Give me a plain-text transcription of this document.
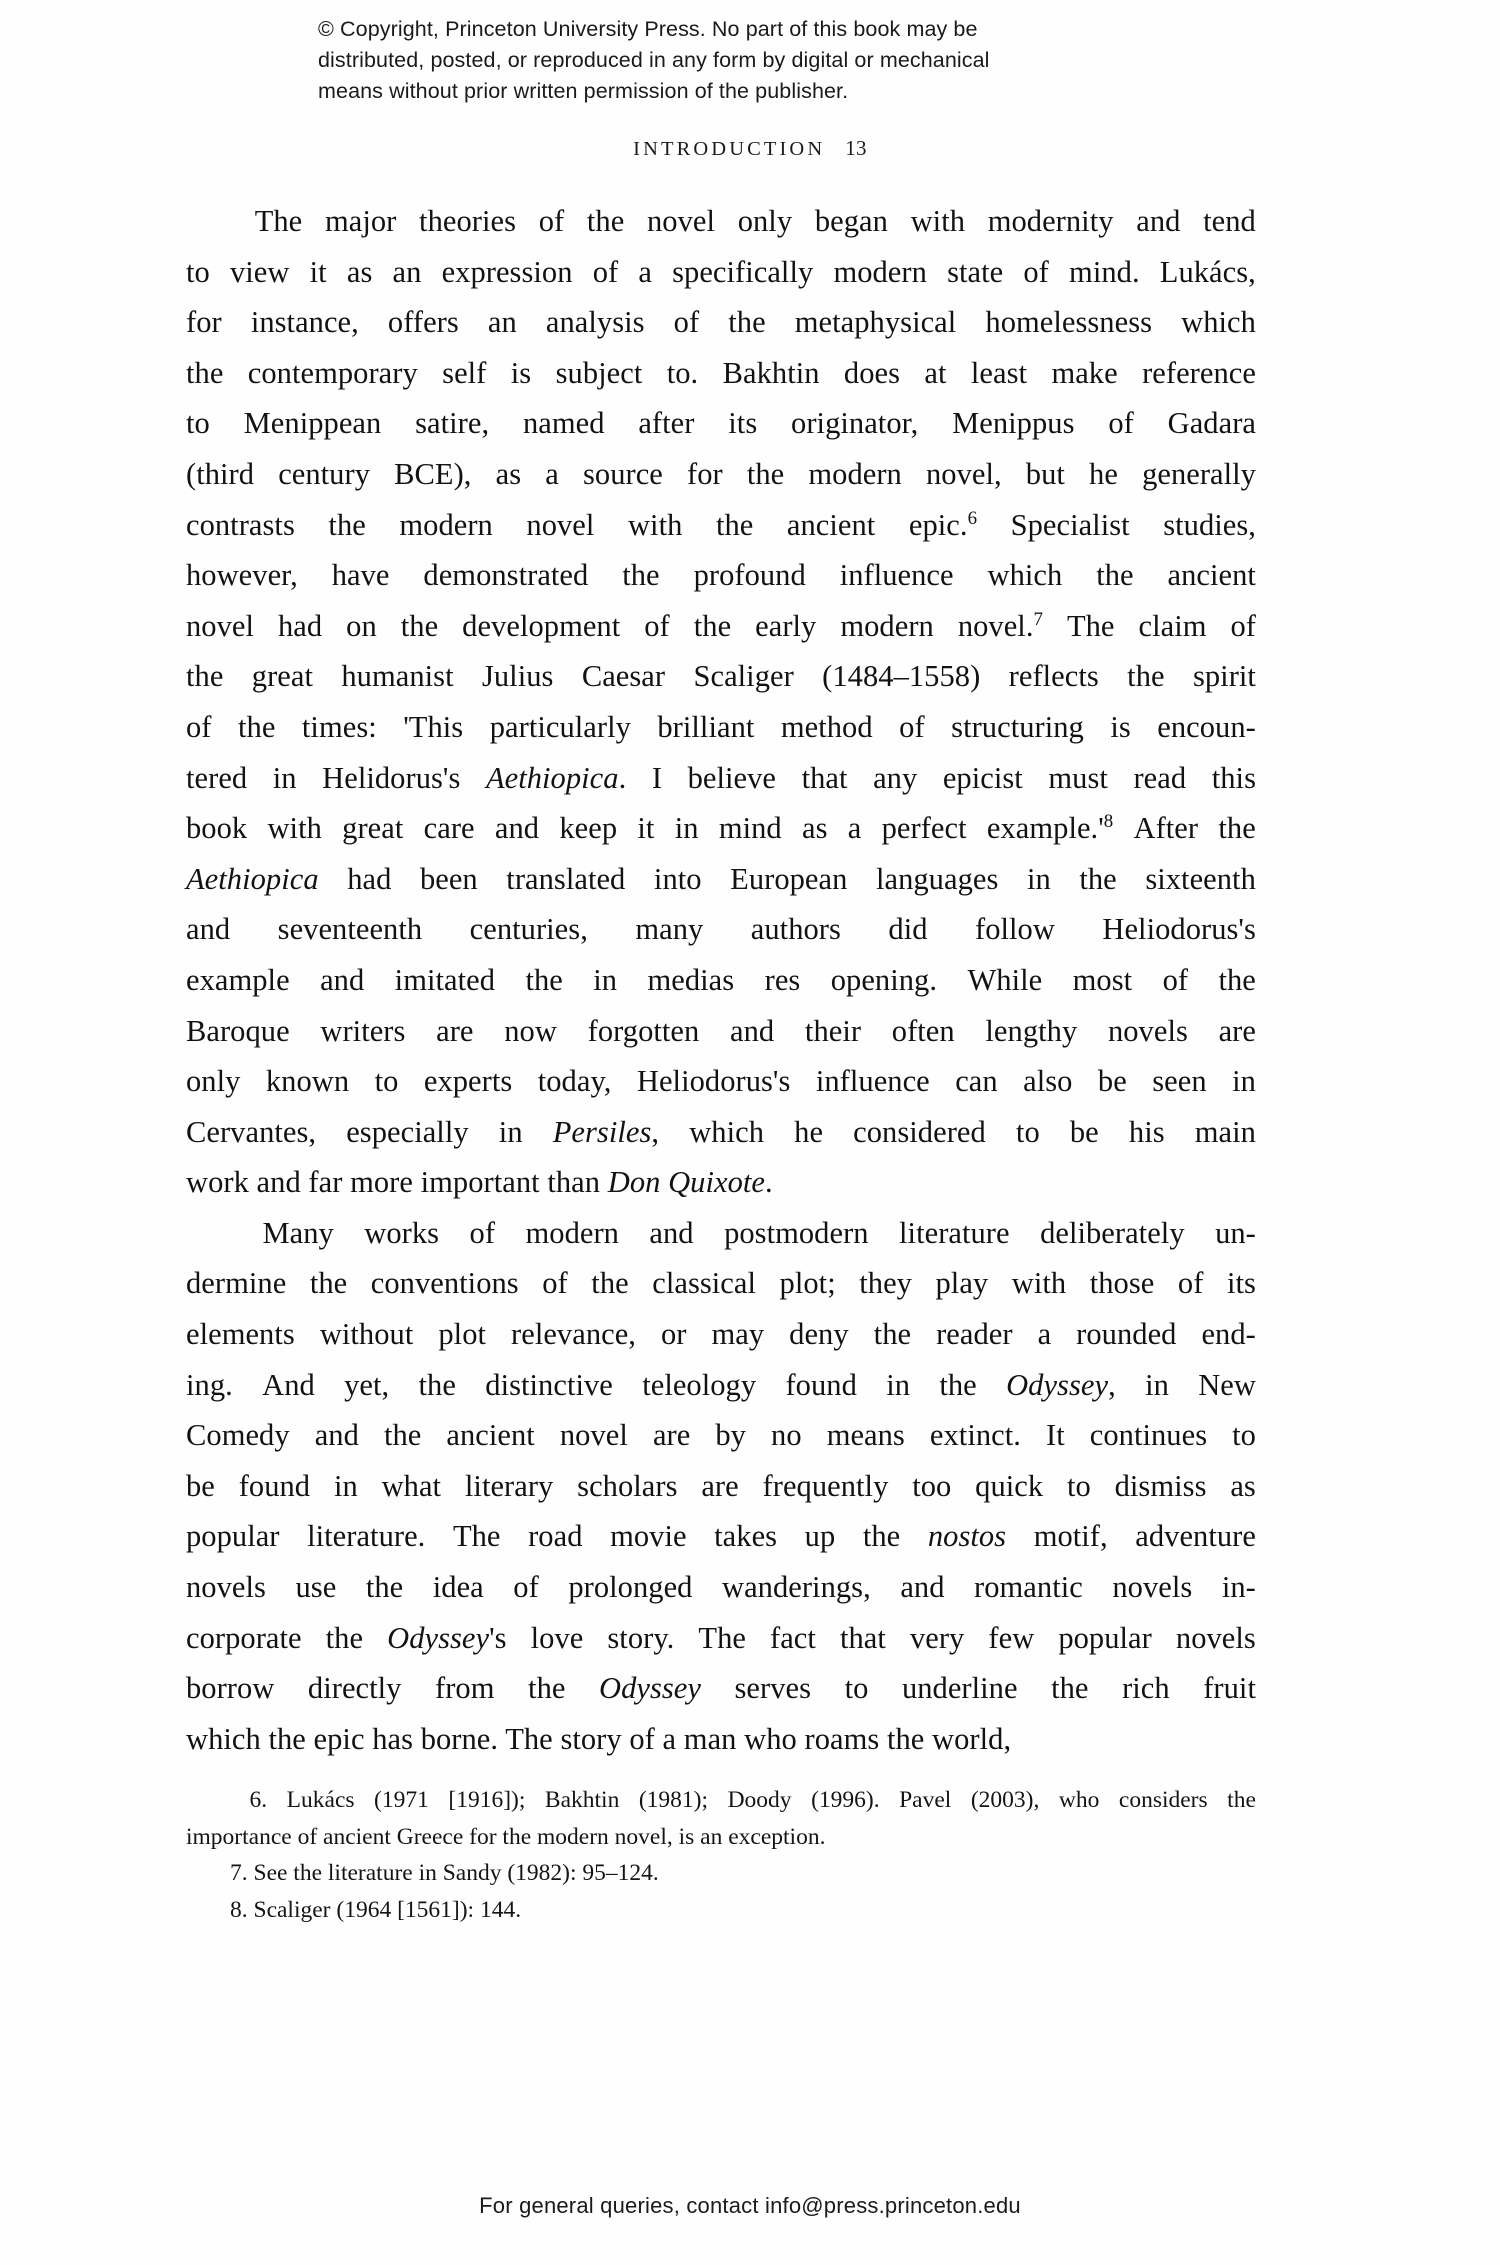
© Copyright, Princeton University Press. No part of this book may be
distributed, posted, or reproduced in any form by digital or mechanical
means without prior written permission of the publisher.
INTRODUCTION 13

The major theories of the novel only began with modernity and tend
to view it as an expression of a specifically modern state of mind. Lukács,
for instance, offers an analysis of the metaphysical homelessness which
the contemporary self is subject to. Bakhtin does at least make reference
to Menippean satire, named after its originator, Menippus of Gadara
(third century BCE), as a source for the modern novel, but he generally
contrasts the modern novel with the ancient epic.$^6$ Specialist studies,
however, have demonstrated the profound influence which the ancient
novel had on the development of the early modern novel.$^7$ The claim of
the great humanist Julius Caesar Scaliger (1484–1558) reflects the spirit
of the times: 'This particularly brilliant method of structuring is encoun-
tered in Helidorus's Aethiopica. I believe that any epicist must read this
book with great care and keep it in mind as a perfect example.'$^8$ After the
Aethiopica had been translated into European languages in the sixteenth
and seventeenth centuries, many authors did follow Heliodorus's
example and imitated the in medias res opening. While most of the
Baroque writers are now forgotten and their often lengthy novels are
only known to experts today, Heliodorus's influence can also be seen in
Cervantes, especially in Persiles, which he considered to be his main
work and far more important than Don Quixote.

Many works of modern and postmodern literature deliberately un-
dermine the conventions of the classical plot; they play with those of its
elements without plot relevance, or may deny the reader a rounded end-
ing. And yet, the distinctive teleology found in the Odyssey, in New
Comedy and the ancient novel are by no means extinct. It continues to
be found in what literary scholars are frequently too quick to dismiss as
popular literature. The road movie takes up the nostos motif, adventure
novels use the idea of prolonged wanderings, and romantic novels in-
corporate the Odyssey's love story. The fact that very few popular novels
borrow directly from the Odyssey serves to underline the rich fruit
which the epic has borne. The story of a man who roams the world,

6. Lukács (1971 [1916]); Bakhtin (1981); Doody (1996). Pavel (2003), who considers the
importance of ancient Greece for the modern novel, is an exception.
7. See the literature in Sandy (1982): 95–124.
8. Scaliger (1964 [1561]): 144.
For general queries, contact info@press.princeton.edu
